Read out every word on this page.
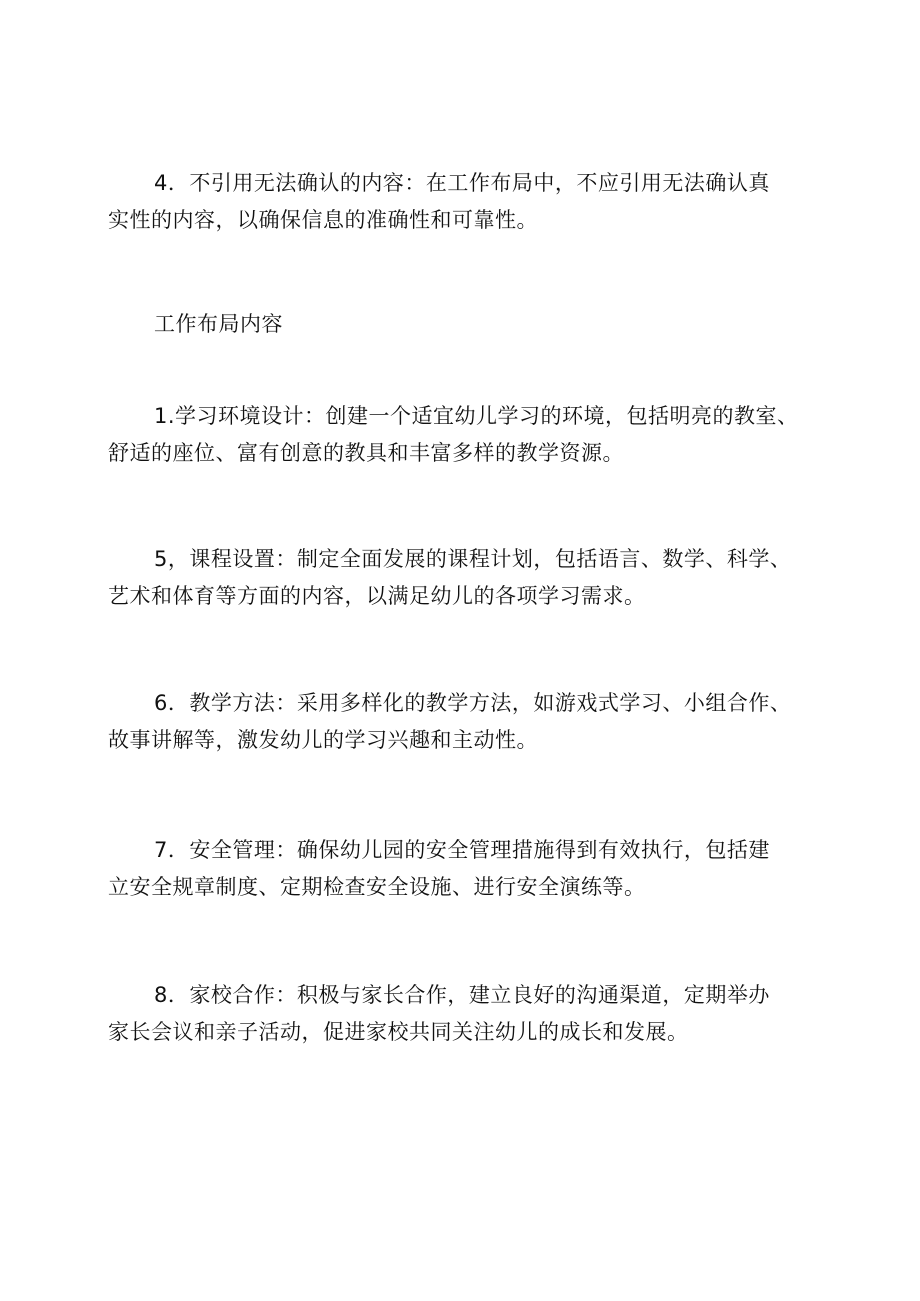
4．不引用无法确认的内容：在工作布局中，不应引用无法确认真
实性的内容，以确保信息的准确性和可靠性。

工作布局内容

1.学习环境设计：创建一个适宜幼儿学习的环境，包括明亮的教室、
舒适的座位、富有创意的教具和丰富多样的教学资源。

5，课程设置：制定全面发展的课程计划，包括语言、数学、科学、
艺术和体育等方面的内容，以满足幼儿的各项学习需求。

6．教学方法：采用多样化的教学方法，如游戏式学习、小组合作、
故事讲解等，激发幼儿的学习兴趣和主动性。

7．安全管理：确保幼儿园的安全管理措施得到有效执行，包括建
立安全规章制度、定期检查安全设施、进行安全演练等。

8．家校合作：积极与家长合作，建立良好的沟通渠道，定期举办
家长会议和亲子活动，促进家校共同关注幼儿的成长和发展。
